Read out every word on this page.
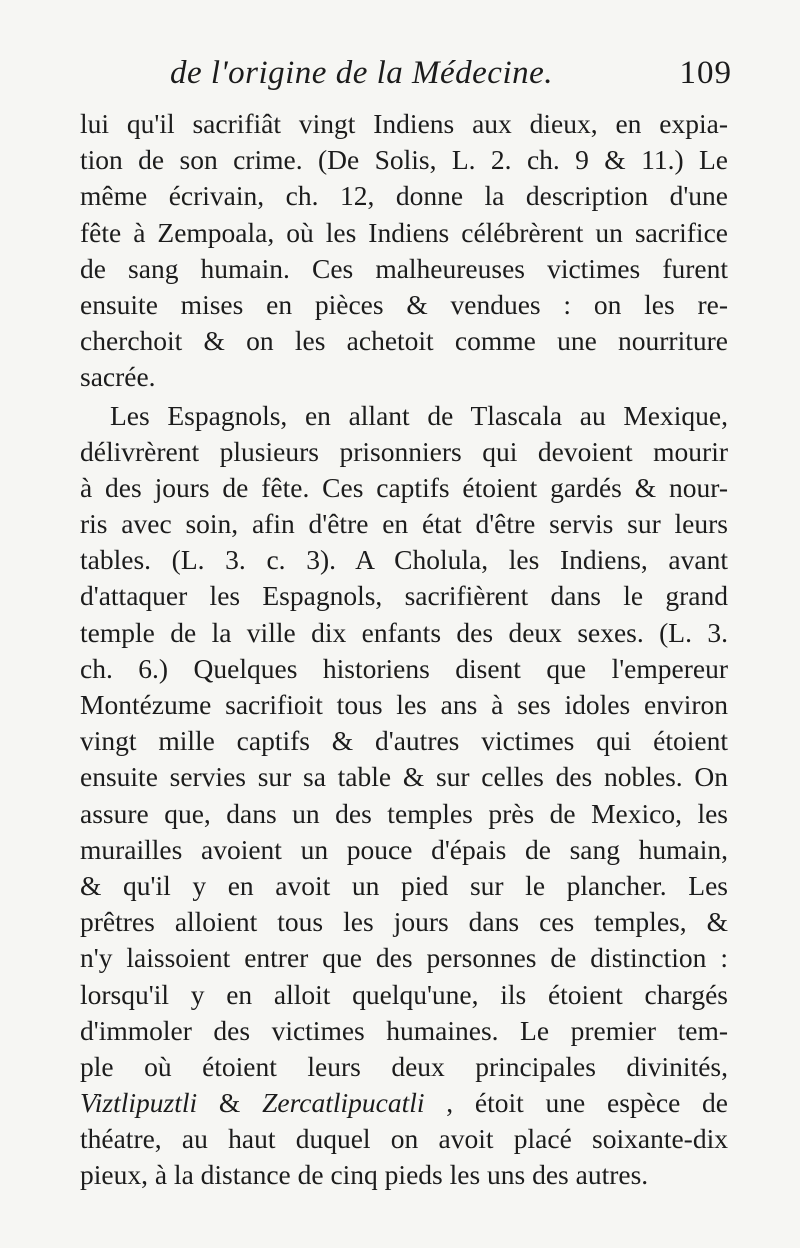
de l'origine de la Médecine.	109
lui qu'il sacrifiât vingt Indiens aux dieux, en expia-
tion de son crime. (De Solis, L. 2. ch. 9 & 11.) Le
même écrivain, ch. 12, donne la description d'une
fête à Zempoala, où les Indiens célébrèrent un sacrifice
de sang humain. Ces malheureuses victimes furent
ensuite mises en pièces & vendues : on les re-
cherchoit & on les achetoit comme une nourriture
sacrée.
Les Espagnols, en allant de Tlascala au Mexique,
délivrèrent plusieurs prisonniers qui devoient mourir
à des jours de fête. Ces captifs étoient gardés & nour-
ris avec soin, afin d'être en état d'être servis sur leurs
tables. (L. 3. c. 3). A Cholula, les Indiens, avant
d'attaquer les Espagnols, sacrifièrent dans le grand
temple de la ville dix enfants des deux sexes. (L. 3.
ch. 6.) Quelques historiens disent que l'empereur
Montézume sacrifioit tous les ans à ses idoles environ
vingt mille captifs & d'autres victimes qui étoient
ensuite servies sur sa table & sur celles des nobles. On
assure que, dans un des temples près de Mexico, les
murailles avoient un pouce d'épais de sang humain,
& qu'il y en avoit un pied sur le plancher. Les
prêtres alloient tous les jours dans ces temples, &
n'y laissoient entrer que des personnes de distinction :
lorsqu'il y en alloit quelqu'une, ils étoient chargés
d'immoler des victimes humaines. Le premier tem-
ple où étoient leurs deux principales divinités,
Viztlipuztli & Zercatlipucatli , étoit une espèce de
théatre, au haut duquel on avoit placé soixante-dix
pieux, à la distance de cinq pieds les uns des autres.
